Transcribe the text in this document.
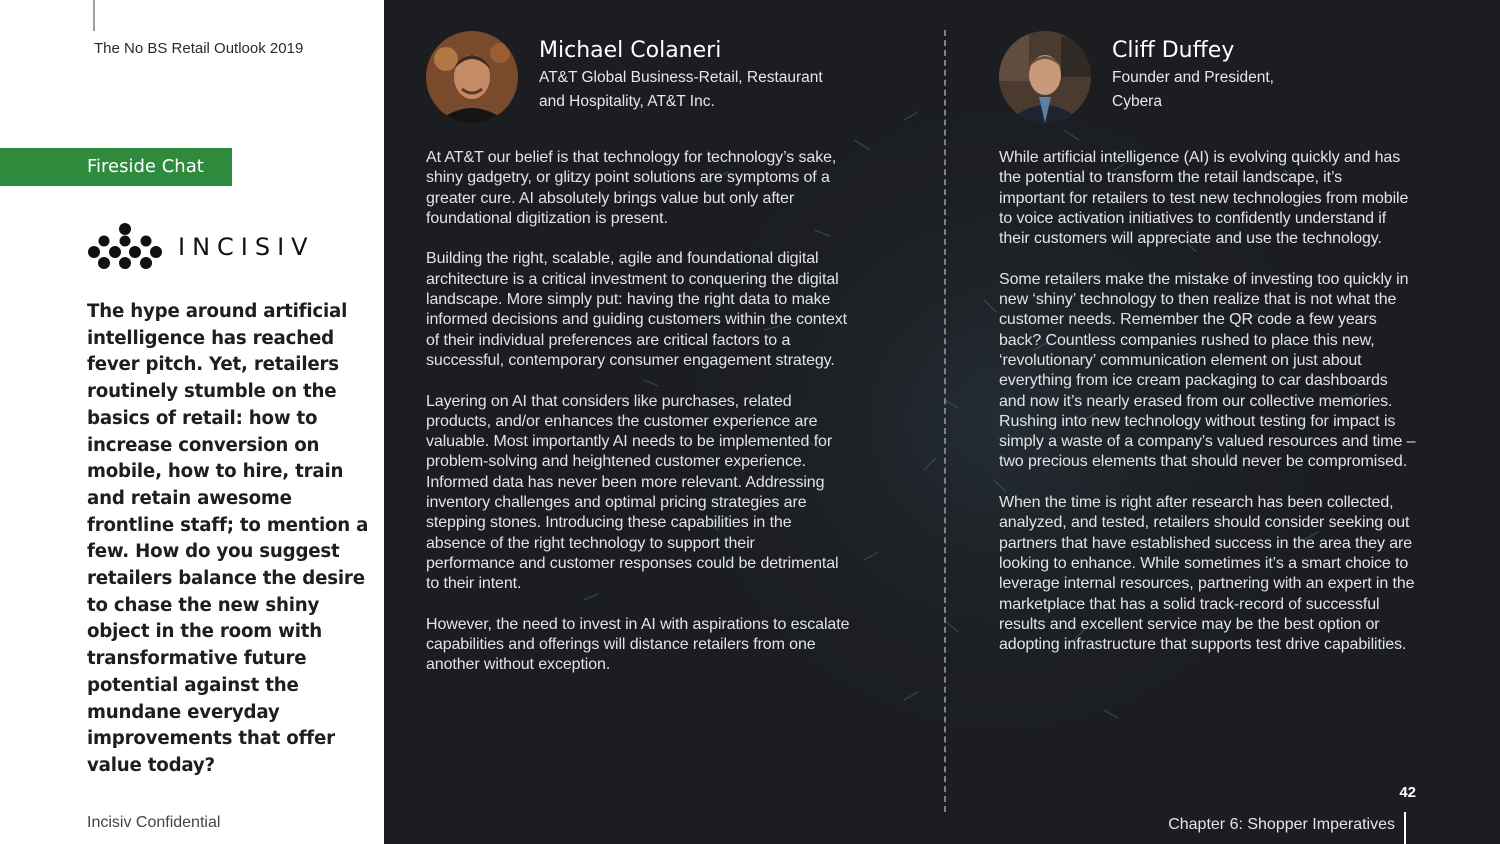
The No BS Retail Outlook 2019
Fireside Chat
INCISIV
The hype around artificial
intelligence has reached
fever pitch. Yet, retailers
routinely stumble on the
basics of retail: how to
increase conversion on
mobile, how to hire, train
and retain awesome
frontline staff; to mention a
few. How do you suggest
retailers balance the desire
to chase the new shiny
object in the room with
transformative future
potential against the
mundane everyday
improvements that offer
value today?
Incisiv Confidential
Michael Colaneri
AT&T Global Business-Retail, Restaurant
and Hospitality, AT&T Inc.
At AT&T our belief is that technology for technology’s sake,
shiny gadgetry, or glitzy point solutions are symptoms of a
greater cure. AI absolutely brings value but only after
foundational digitization is present.
Building the right, scalable, agile and foundational digital
architecture is a critical investment to conquering the digital
landscape. More simply put: having the right data to make
informed decisions and guiding customers within the context
of their individual preferences are critical factors to a
successful, contemporary consumer engagement strategy.
Layering on AI that considers like purchases, related
products, and/or enhances the customer experience are
valuable. Most importantly AI needs to be implemented for
problem-solving and heightened customer experience.
Informed data has never been more relevant. Addressing
inventory challenges and optimal pricing strategies are
stepping stones. Introducing these capabilities in the
absence of the right technology to support their
performance and customer responses could be detrimental
to their intent.
However, the need to invest in AI with aspirations to escalate
capabilities and offerings will distance retailers from one
another without exception.
Cliff Duffey
Founder and President,
Cybera
While artificial intelligence (AI) is evolving quickly and has
the potential to transform the retail landscape, it’s
important for retailers to test new technologies from mobile
to voice activation initiatives to confidently understand if
their customers will appreciate and use the technology.
Some retailers make the mistake of investing too quickly in
new ‘shiny’ technology to then realize that is not what the
customer needs. Remember the QR code a few years
back? Countless companies rushed to place this new,
‘revolutionary’ communication element on just about
everything from ice cream packaging to car dashboards
and now it’s nearly erased from our collective memories.
Rushing into new technology without testing for impact is
simply a waste of a company’s valued resources and time –
two precious elements that should never be compromised.
When the time is right after research has been collected,
analyzed, and tested, retailers should consider seeking out
partners that have established success in the area they are
looking to enhance. While sometimes it’s a smart choice to
leverage internal resources, partnering with an expert in the
marketplace that has a solid track-record of successful
results and excellent service may be the best option or
adopting infrastructure that supports test drive capabilities.
42
Chapter 6: Shopper Imperatives
